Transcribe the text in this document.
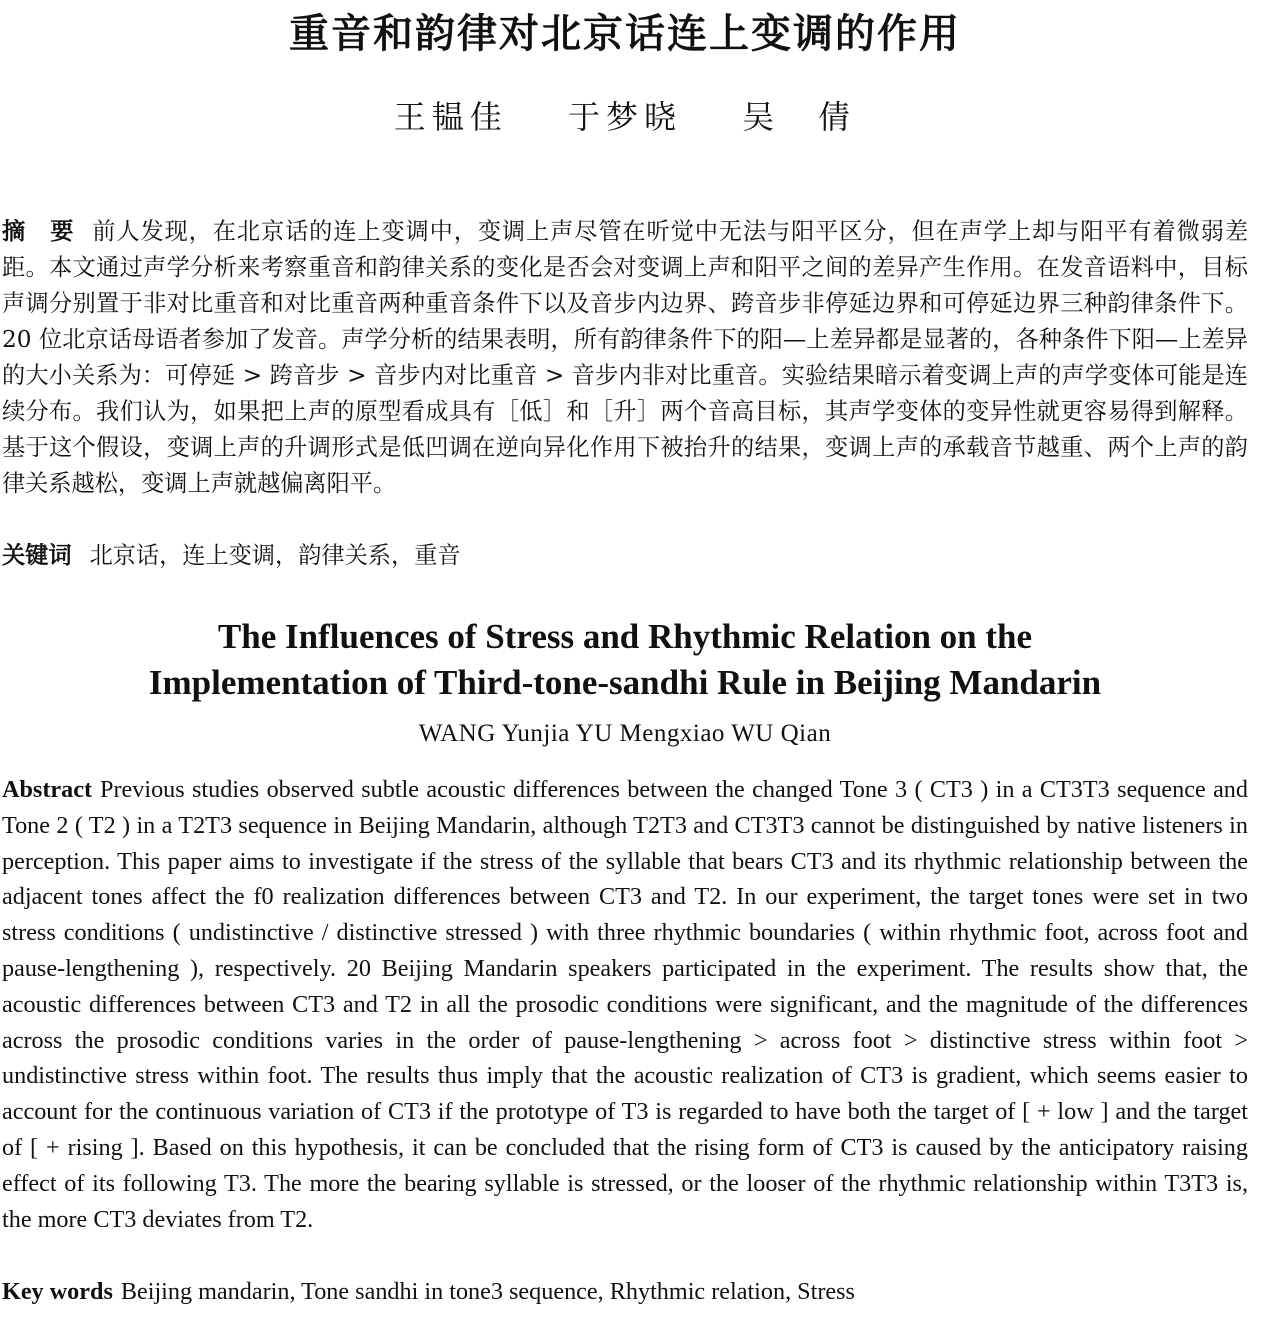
重音和韵律对北京话连上变调的作用
王韫佳 于梦晓 吴　倩

摘　要 前人发现，在北京话的连上变调中，变调上声尽管在听觉中无法与阳平区分，但在声学上却与阳平有着微弱差距。本文通过声学分析来考察重音和韵律关系的变化是否会对变调上声和阳平之间的差异产生作用。在发音语料中，目标声调分别置于非对比重音和对比重音两种重音条件下以及音步内边界、跨音步非停延边界和可停延边界三种韵律条件下。20 位北京话母语者参加了发音。声学分析的结果表明，所有韵律条件下的阳—上差异都是显著的，各种条件下阳—上差异的大小关系为：可停延 > 跨音步 > 音步内对比重音 > 音步内非对比重音。实验结果暗示着变调上声的声学变体可能是连续分布。我们认为，如果把上声的原型看成具有［低］和［升］两个音高目标，其声学变体的变异性就更容易得到解释。基于这个假设，变调上声的升调形式是低凹调在逆向异化作用下被抬升的结果，变调上声的承载音节越重、两个上声的韵律关系越松，变调上声就越偏离阳平。

关键词 北京话，连上变调，韵律关系，重音

The Influences of Stress and Rhythmic Relation on the
Implementation of Third-tone-sandhi Rule in Beijing Mandarin
WANG Yunjia YU Mengxiao WU Qian

Abstract Previous studies observed subtle acoustic differences between the changed Tone 3 ( CT3 ) in a CT3T3 sequence and Tone 2 ( T2 ) in a T2T3 sequence in Beijing Mandarin, although T2T3 and CT3T3 cannot be distinguished by native listeners in perception. This paper aims to investigate if the stress of the syllable that bears CT3 and its rhythmic relationship between the adjacent tones affect the f0 realization differences between CT3 and T2. In our experiment, the target tones were set in two stress conditions ( undistinctive / distinctive stressed ) with three rhythmic boundaries ( within rhythmic foot, across foot and pause-lengthening ), respectively. 20 Beijing Mandarin speakers participated in the experiment. The results show that, the acoustic differences between CT3 and T2 in all the prosodic conditions were significant, and the magnitude of the differences across the prosodic conditions varies in the order of pause-lengthening > across foot > distinctive stress within foot > undistinctive stress within foot. The results thus imply that the acoustic realization of CT3 is gradient, which seems easier to account for the continuous variation of CT3 if the prototype of T3 is regarded to have both the target of [ + low ] and the target of [ + rising ]. Based on this hypothesis, it can be concluded that the rising form of CT3 is caused by the anticipatory raising effect of its following T3. The more the bearing syllable is stressed, or the looser of the rhythmic relationship within T3T3 is, the more CT3 deviates from T2.

Key words Beijing mandarin, Tone sandhi in tone3 sequence, Rhythmic relation, Stress
